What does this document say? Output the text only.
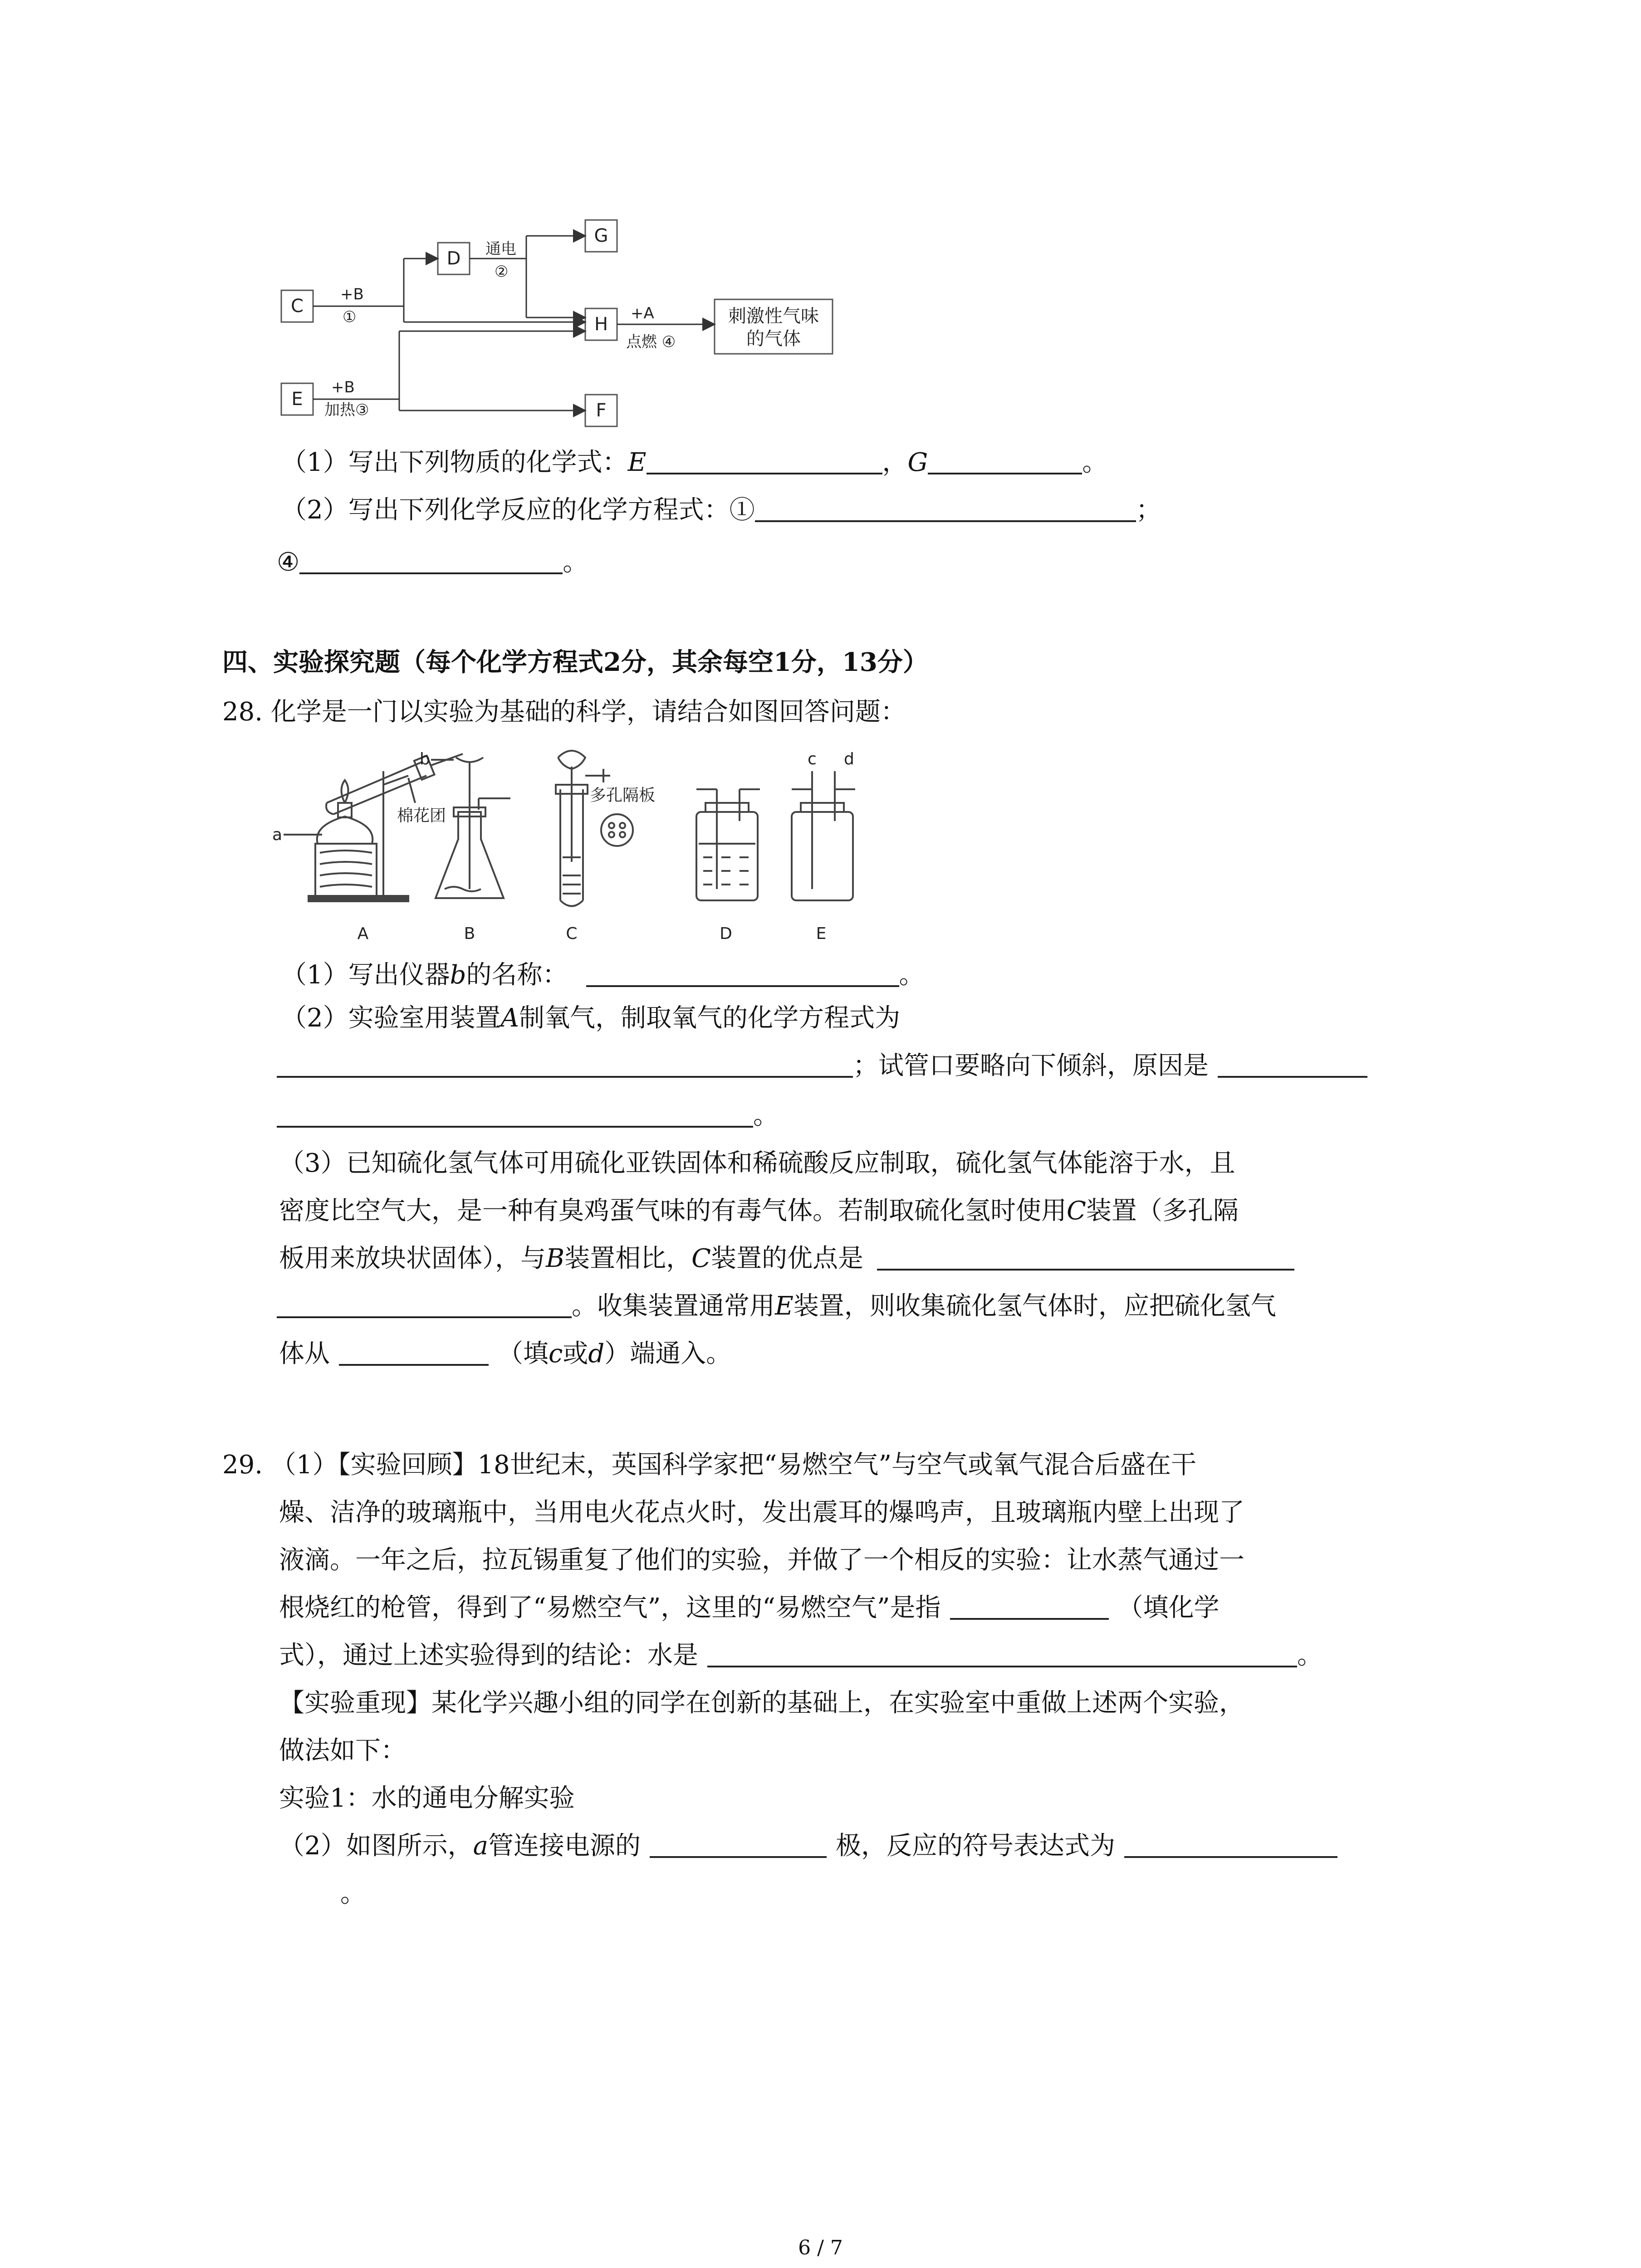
C
D
G
H
E
F
刺激性气味
的气体
+B
①
通电
②
+A
点燃 ④
+B
加热③
（1）写出下列物质的化学式：E	，G	。
（2）写出下列化学反应的化学方程式：①	；
④	。
四、实验探究题（每个化学方程式2分，其余每空1分，13分）
28. 化学是一门以实验为基础的科学，请结合如图回答问题：
a
b
棉花团
多孔隔板
c d
A	B	C	D	E
（1）写出仪器b的名称：	。
（2）实验室用装置A制氧气，制取氧气的化学方程式为
；试管口要略向下倾斜，原因是
。
（3）已知硫化氢气体可用硫化亚铁固体和稀硫酸反应制取，硫化氢气体能溶于水，且
密度比空气大，是一种有臭鸡蛋气味的有毒气体。若制取硫化氢时使用C装置（多孔隔
板用来放块状固体），与B装置相比，C装置的优点是
。收集装置通常用E装置，则收集硫化氢气体时，应把硫化氢气
体从	（填c或d）端通入。
29. （1）【实验回顾】18世纪末，英国科学家把“易燃空气”与空气或氧气混合后盛在干
燥、洁净的玻璃瓶中，当用电火花点火时，发出震耳的爆鸣声，且玻璃瓶内壁上出现了
液滴。一年之后，拉瓦锡重复了他们的实验，并做了一个相反的实验：让水蒸气通过一
根烧红的枪管，得到了“易燃空气”，这里的“易燃空气”是指	（填化学
式），通过上述实验得到的结论：水是	。
【实验重现】某化学兴趣小组的同学在创新的基础上，在实验室中重做上述两个实验，
做法如下：
实验1：水的通电分解实验
（2）如图所示，a管连接电源的	极，反应的符号表达式为
。
6 / 7
